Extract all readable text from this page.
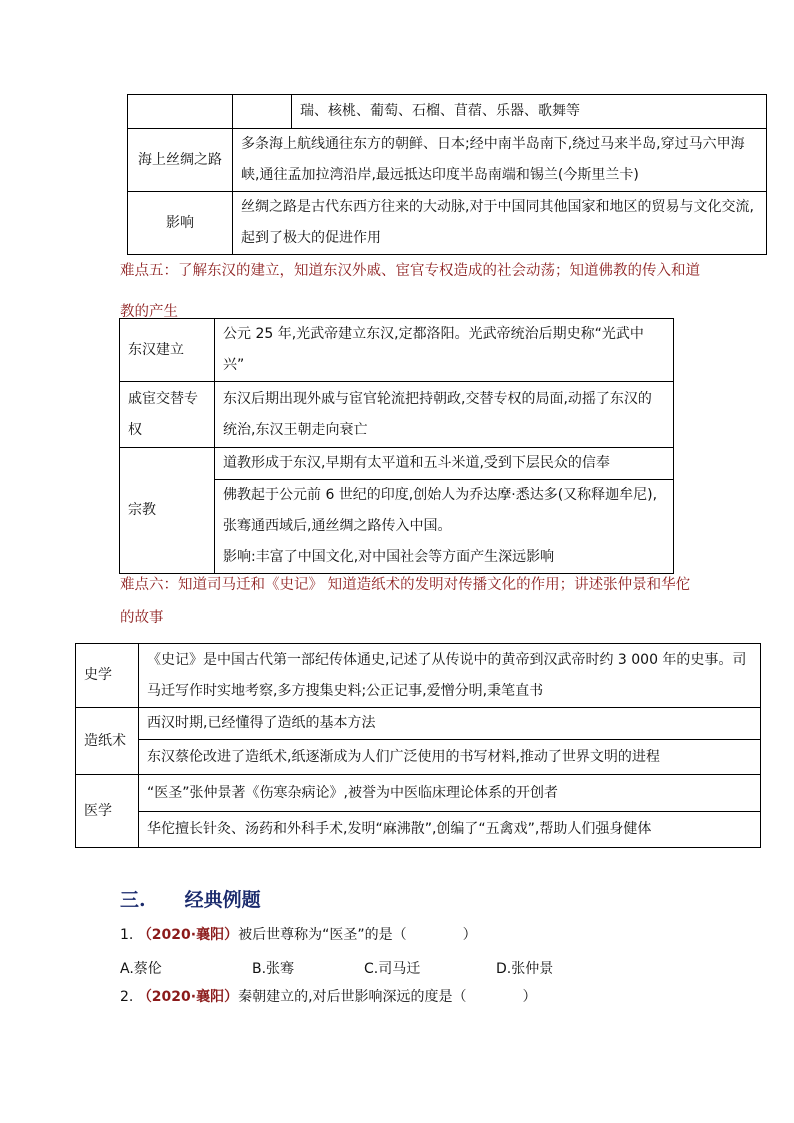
		瑞、核桃、葡萄、石榴、苜蓿、乐器、歌舞等
海上丝绸之路	多条海上航线通往东方的朝鲜、日本;经中南半岛南下,绕过马来半岛,穿过马六甲海峡,通往孟加拉湾沿岸,最远抵达印度半岛南端和锡兰(今斯里兰卡)	
影响	丝绸之路是古代东西方往来的大动脉,对于中国同其他国家和地区的贸易与文化交流,起到了极大的促进作用	
难点五：了解东汉的建立，知道东汉外戚、宦官专权造成的社会动荡；知道佛教的传入和道
教的产生
东汉建立	公元 25 年,光武帝建立东汉,定都洛阳。光武帝统治后期史称“光武中兴”
戚宦交替专权	东汉后期出现外戚与宦官轮流把持朝政,交替专权的局面,动摇了东汉的统治,东汉王朝走向衰亡
宗教	道教形成于东汉,早期有太平道和五斗米道,受到下层民众的信奉

	佛教起于公元前 6 世纪的印度,创始人为乔达摩·悉达多(又称释迦牟尼),张骞通西域后,通丝绸之路传入中国。
影响:丰富了中国文化,对中国社会等方面产生深远影响
难点六：知道司马迁和《史记》 知道造纸术的发明对传播文化的作用；讲述张仲景和华佗
的故事
史学	《史记》是中国古代第一部纪传体通史,记述了从传说中的黄帝到汉武帝时约 3 000 年的史事。司马迁写作时实地考察,多方搜集史料;公正记事,爱憎分明,秉笔直书
造纸术	西汉时期,已经懂得了造纸的基本方法
	东汉蔡伦改进了造纸术,纸逐渐成为人们广泛使用的书写材料,推动了世界文明的进程
医学	“医圣”张仲景著《伤寒杂病论》,被誉为中医临床理论体系的开创者
	华佗擅长针灸、汤药和外科手术,发明“麻沸散”,创编了“五禽戏”,帮助人们强身健体
三. 经典例题
1. （2020·襄阳）被后世尊称为“医圣”的是（　　　　）
A.蔡伦	B.张骞	C.司马迁	D.张仲景
2. （2020·襄阳）秦朝建立的,对后世影响深远的度是（　　　　）
